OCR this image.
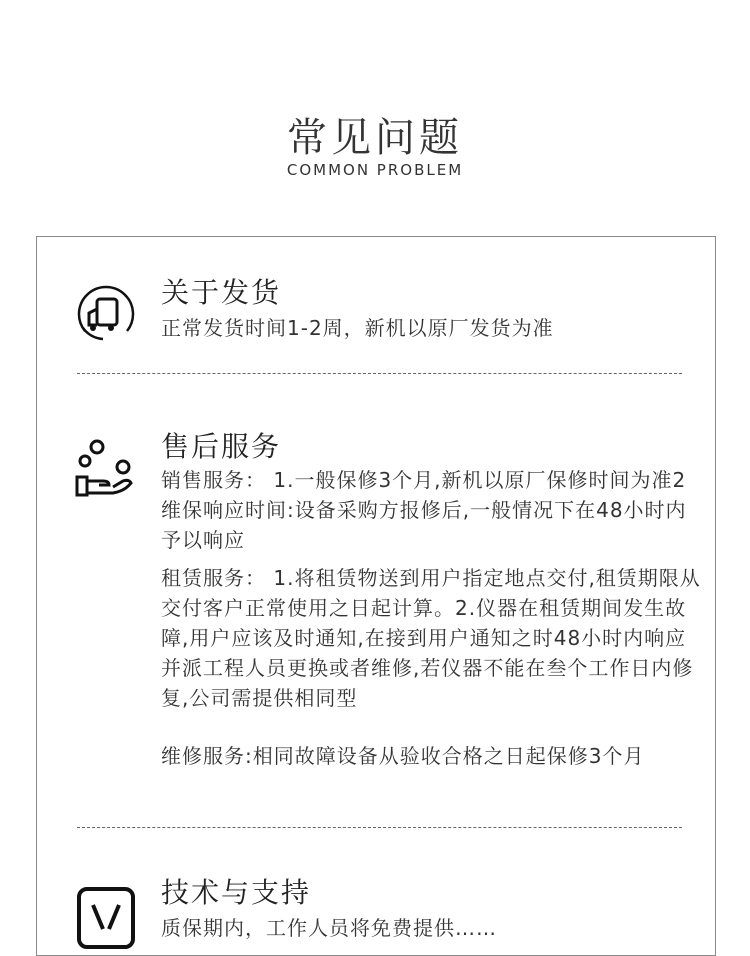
常见问题
COMMON PROBLEM
关于发货
正常发货时间1-2周，新机以原厂发货为准
售后服务
销售服务： 1.一般保修3个月,新机以原厂保修时间为准2维保响应时间:设备采购方报修后,一般情况下在48小时内予以响应
租赁服务： 1.将租赁物送到用户指定地点交付,租赁期限从交付客户正常使用之日起计算。2.仪器在租赁期间发生故障,用户应该及时通知,在接到用户通知之时48小时内响应并派工程人员更换或者维修,若仪器不能在叁个工作日内修复,公司需提供相同型
维修服务:相同故障设备从验收合格之日起保修3个月
技术与支持
质保期内，工作人员将免费提供……
